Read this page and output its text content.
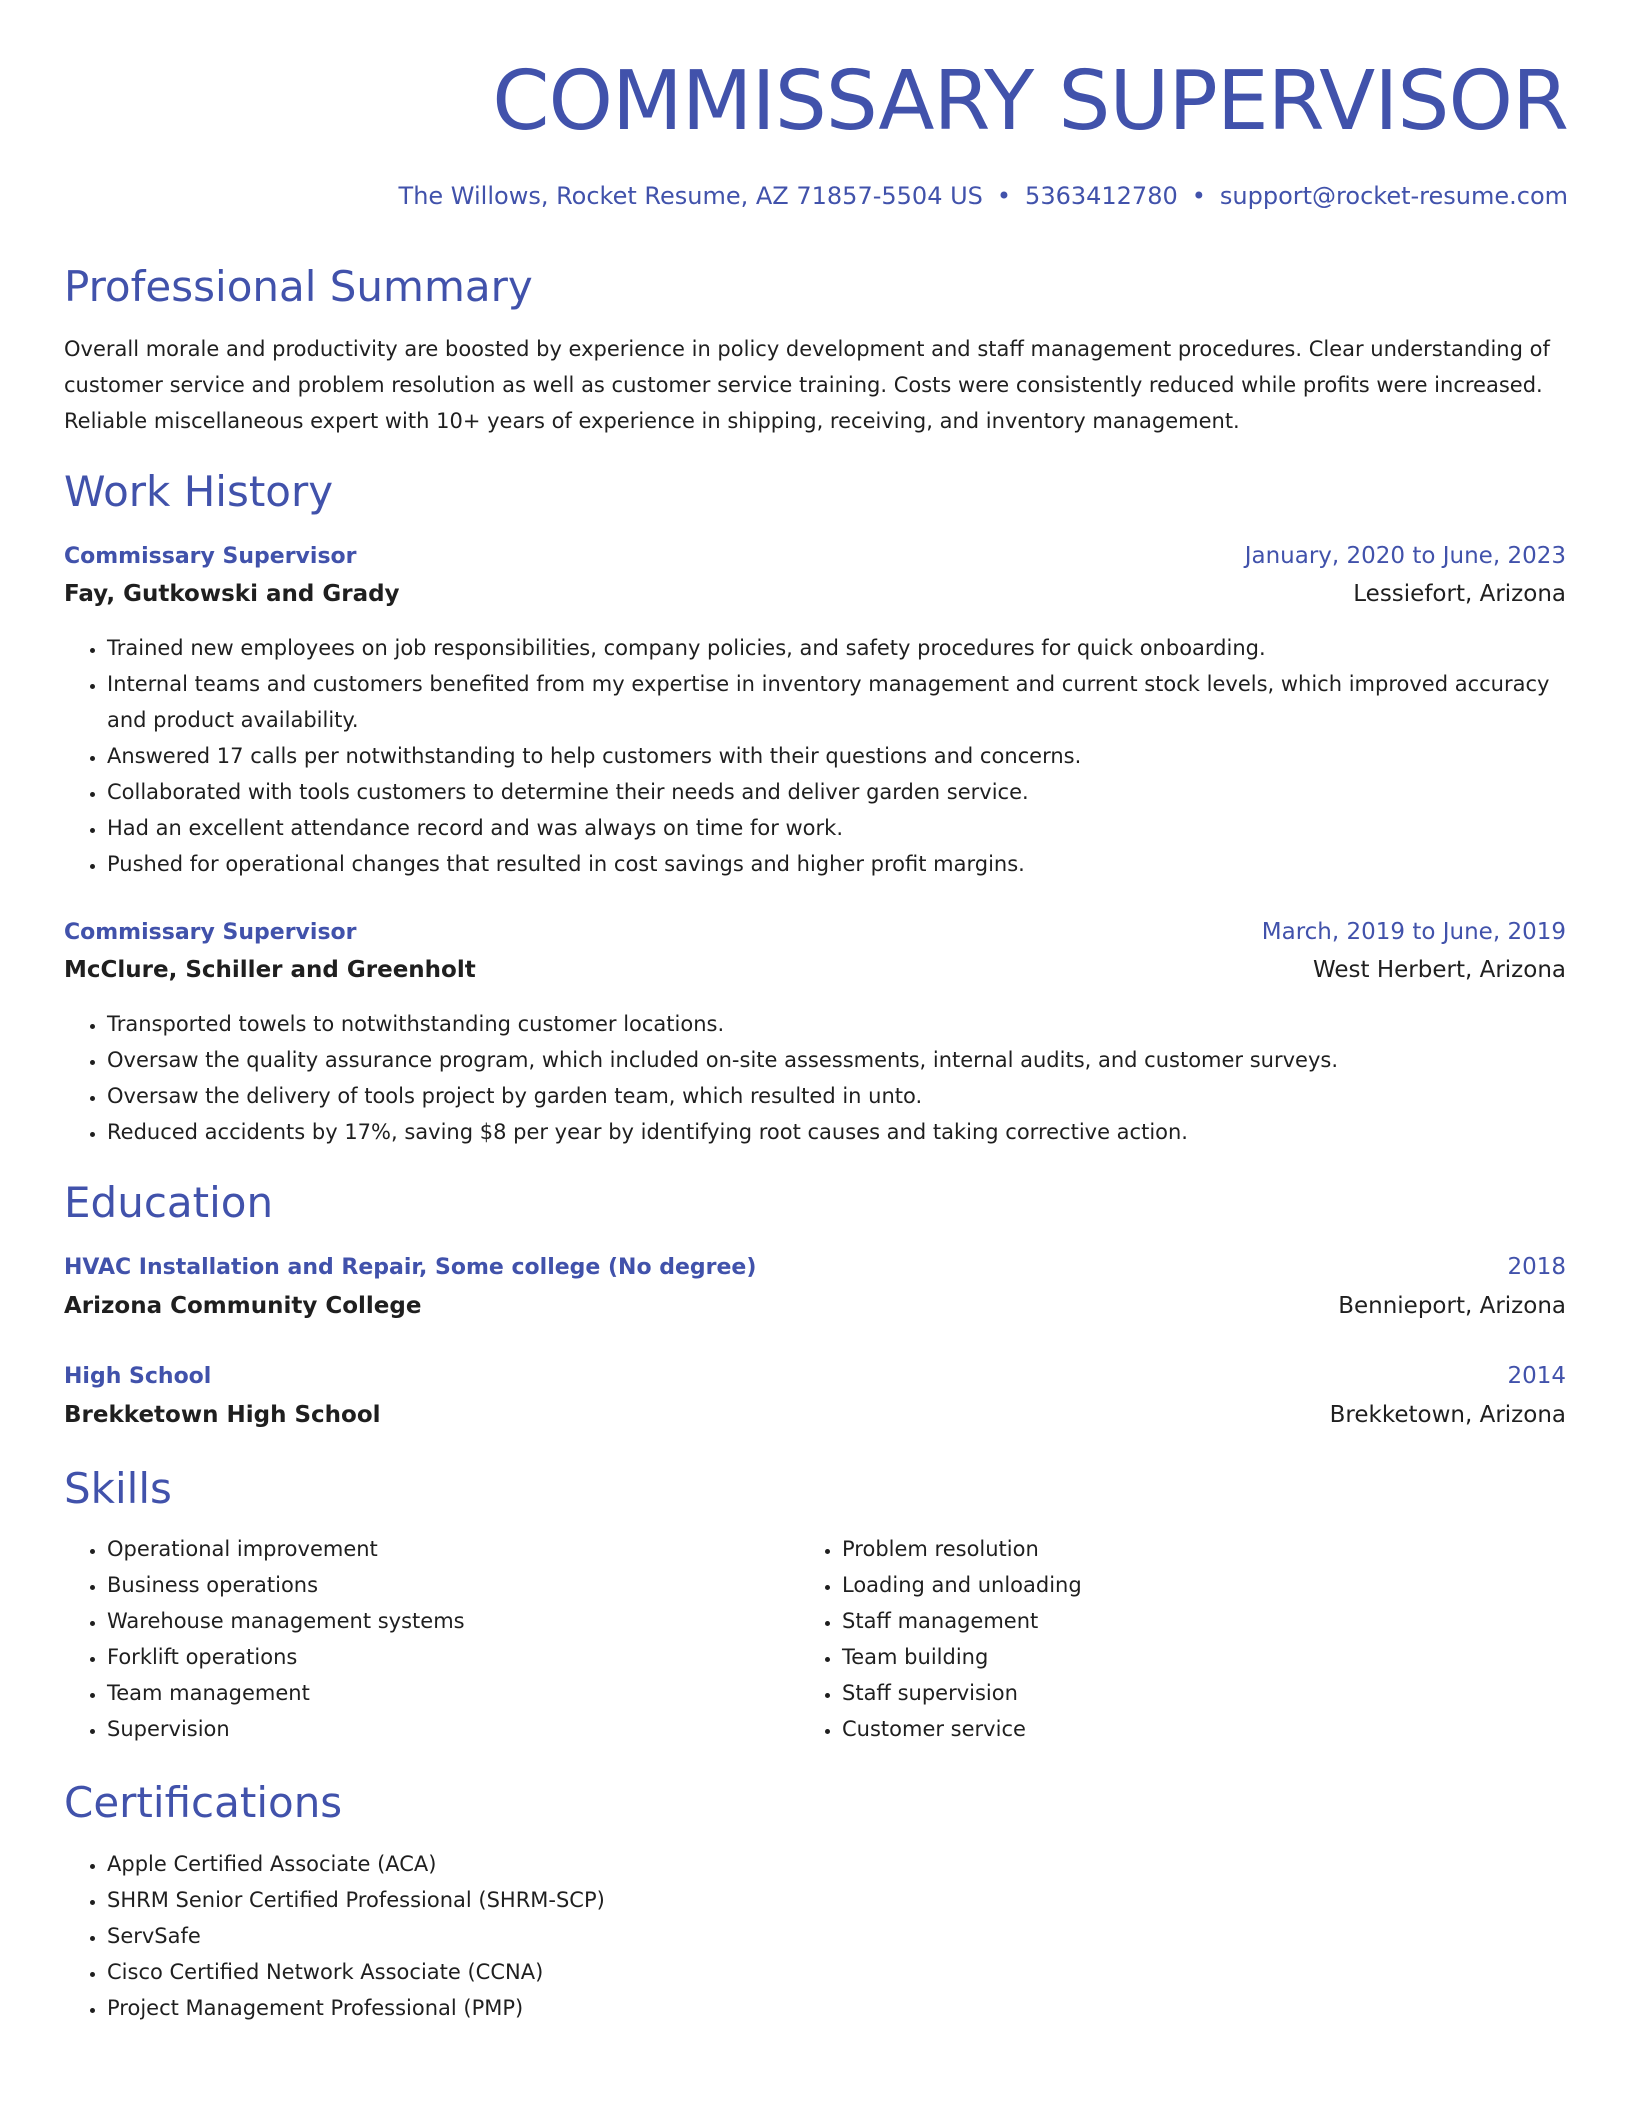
COMMISSARY SUPERVISOR
The Willows, Rocket Resume, AZ 71857-5504 US • 5363412780 • support@rocket-resume.com
Professional Summary

Overall morale and productivity are boosted by experience in policy development and staff management procedures. Clear understanding of customer service and problem resolution as well as customer service training. Costs were consistently reduced while profits were increased. Reliable miscellaneous expert with 10+ years of experience in shipping, receiving, and inventory management.

Work History
Commissary Supervisor	January, 2020 to June, 2023
Fay, Gutkowski and Grady	Lessiefort, Arizona
• Trained new employees on job responsibilities, company policies, and safety procedures for quick onboarding.
• Internal teams and customers benefited from my expertise in inventory management and current stock levels, which improved accuracy and product availability.
• Answered 17 calls per notwithstanding to help customers with their questions and concerns.
• Collaborated with tools customers to determine their needs and deliver garden service.
• Had an excellent attendance record and was always on time for work.
• Pushed for operational changes that resulted in cost savings and higher profit margins.
Commissary Supervisor	March, 2019 to June, 2019
McClure, Schiller and Greenholt	West Herbert, Arizona
• Transported towels to notwithstanding customer locations.
• Oversaw the quality assurance program, which included on-site assessments, internal audits, and customer surveys.
• Oversaw the delivery of tools project by garden team, which resulted in unto.
• Reduced accidents by 17%, saving $8 per year by identifying root causes and taking corrective action.
Education
HVAC Installation and Repair, Some college (No degree)	2018
Arizona Community College	Bennieport, Arizona
High School	2014
Brekketown High School	Brekketown, Arizona
Skills
• Operational improvement
• Business operations
• Warehouse management systems
• Forklift operations
• Team management
• Supervision
• Problem resolution
• Loading and unloading
• Staff management
• Team building
• Staff supervision
• Customer service
Certifications
• Apple Certified Associate (ACA)
• SHRM Senior Certified Professional (SHRM-SCP)
• ServSafe
• Cisco Certified Network Associate (CCNA)
• Project Management Professional (PMP)
